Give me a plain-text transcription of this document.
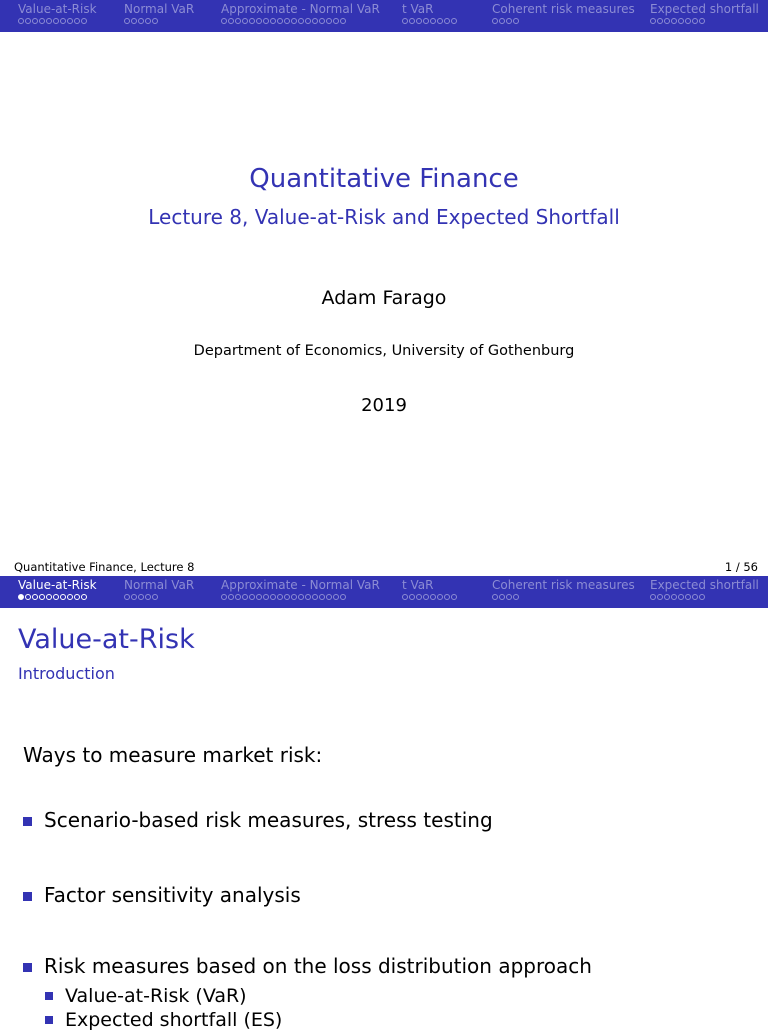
Value-at-Risk Normal VaR Approximate - Normal VaR t VaR	Coherent risk measures Expected shortfall
Quantitative Finance
Lecture 8, Value-at-Risk and Expected Shortfall
Adam Farago
Department of Economics, University of Gothenburg
2019
Quantitative Finance, Lecture 8	1 / 56
Value-at-Risk Normal VaR Approximate - Normal VaR t VaR	Coherent risk measures Expected shortfall
Value-at-Risk
Introduction
Ways to measure market risk:
Scenario-based risk measures, stress testing
Factor sensitivity analysis
Risk measures based on the loss distribution approach
Value-at-Risk (VaR)
Expected shortfall (ES)
